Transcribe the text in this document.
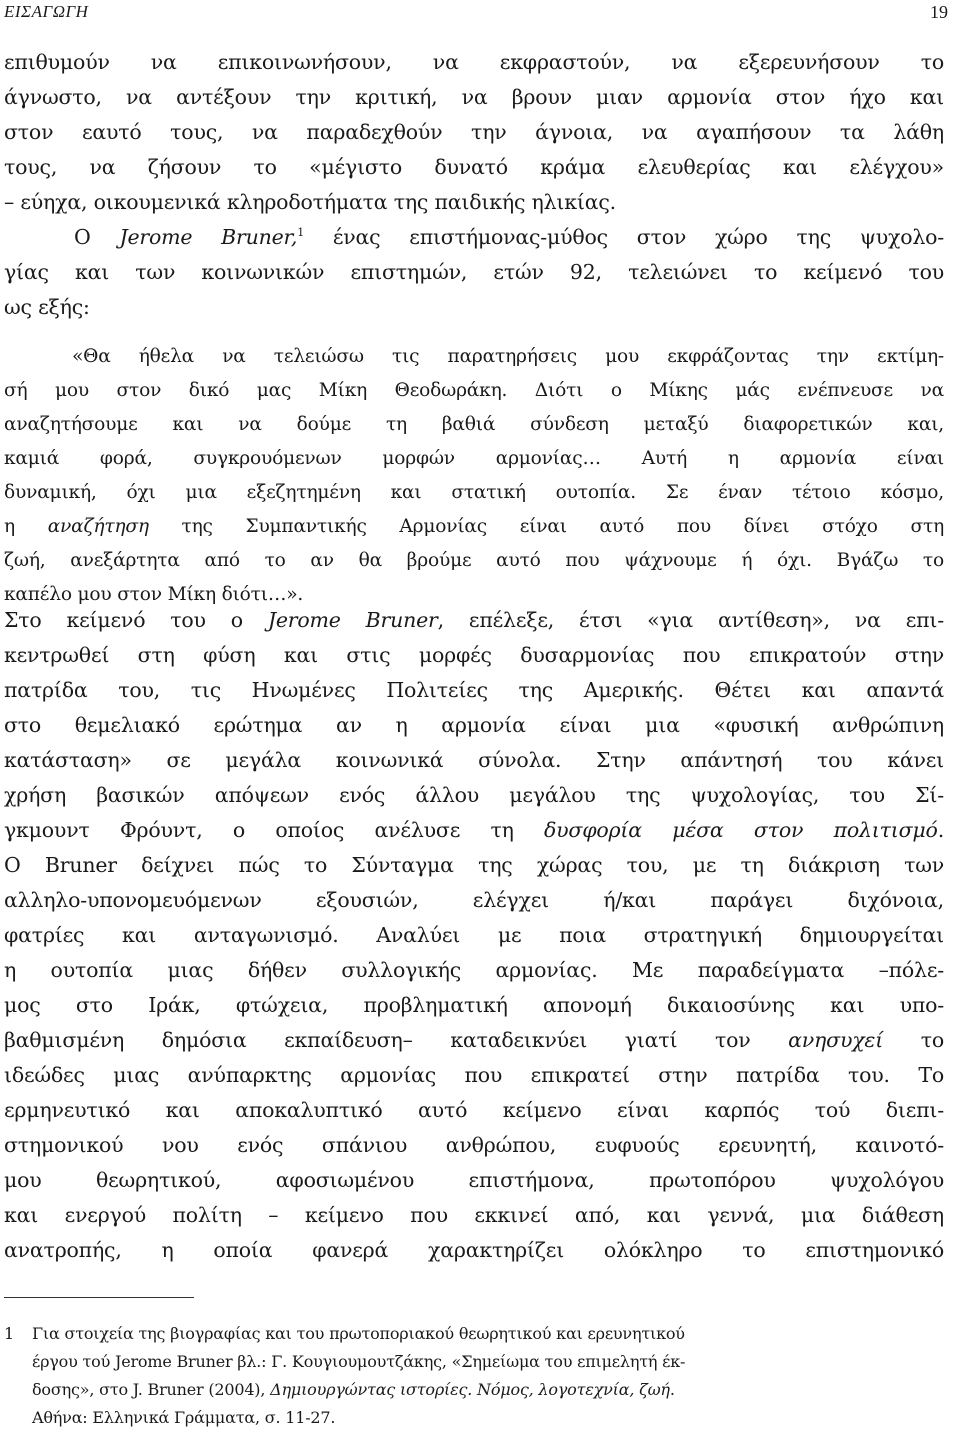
ΕΙΣΑΓΩΓΗ	19
επιθυμούν να επικοινωνήσουν, να εκφραστούν, να εξερευνήσουν το
άγνωστο, να αντέξουν την κριτική, να βρουν μιαν αρμονία στον ήχο και
στον εαυτό τους, να παραδεχθούν την άγνοια, να αγαπήσουν τα λάθη
τους, να ζήσουν το «μέγιστο δυνατό κράμα ελευθερίας και ελέγχου»
– εύηχα, οικουμενικά κληροδοτήματα της παιδικής ηλικίας.
Ο Jerome Bruner,$^1$ ένας επιστήμονας-μύθος στον χώρο της ψυχολο-
γίας και των κοινωνικών επιστημών, ετών 92, τελειώνει το κείμενό του
ως εξής:
«Θα ήθελα να τελειώσω τις παρατηρήσεις μου εκφράζοντας την εκτίμη-
σή μου στον δικό μας Μίκη Θεοδωράκη. Διότι ο Μίκης μάς ενέπνευσε να
αναζητήσουμε και να δούμε τη βαθιά σύνδεση μεταξύ διαφορετικών και,
καμιά φορά, συγκρουόμενων μορφών αρμονίας… Αυτή η αρμονία είναι
δυναμική, όχι μια εξεζητημένη και στατική ουτοπία. Σε έναν τέτοιο κόσμο,
η αναζήτηση της Συμπαντικής Αρμονίας είναι αυτό που δίνει στόχο στη
ζωή, ανεξάρτητα από το αν θα βρούμε αυτό που ψάχνουμε ή όχι. Βγάζω το
καπέλο μου στον Μίκη διότι…».
Στο κείμενό του ο Jerome Bruner, επέλεξε, έτσι «για αντίθεση», να επι-
κεντρωθεί στη φύση και στις μορφές δυσαρμονίας που επικρατούν στην
πατρίδα του, τις Ηνωμένες Πολιτείες της Αμερικής. Θέτει και απαντά
στο θεμελιακό ερώτημα αν η αρμονία είναι μια «φυσική ανθρώπινη
κατάσταση» σε μεγάλα κοινωνικά σύνολα. Στην απάντησή του κάνει
χρήση βασικών απόψεων ενός άλλου μεγάλου της ψυχολογίας, του Σί-
γκμουντ Φρόυντ, ο οποίος ανέλυσε τη δυσφορία μέσα στον πολιτισμό.
Ο Bruner δείχνει πώς το Σύνταγμα της χώρας του, με τη διάκριση των
αλληλο-υπονομευόμενων εξουσιών, ελέγχει ή/και παράγει διχόνοια,
φατρίες και ανταγωνισμό. Αναλύει με ποια στρατηγική δημιουργείται
η ουτοπία μιας δήθεν συλλογικής αρμονίας. Με παραδείγματα –πόλε-
μος στο Ιράκ, φτώχεια, προβληματική απονομή δικαιοσύνης και υπο-
βαθμισμένη δημόσια εκπαίδευση– καταδεικνύει γιατί τον ανησυχεί το
ιδεώδες μιας ανύπαρκτης αρμονίας που επικρατεί στην πατρίδα του. Το
ερμηνευτικό και αποκαλυπτικό αυτό κείμενο είναι καρπός τού διεπι-
στημονικού νου ενός σπάνιου ανθρώπου, ευφυούς ερευνητή, καινοτό-
μου θεωρητικού, αφοσιωμένου επιστήμονα, πρωτοπόρου ψυχολόγου
και ενεργού πολίτη – κείμενο που εκκινεί από, και γεννά, μια διάθεση
ανατροπής, η οποία φανερά χαρακτηρίζει ολόκληρο το επιστημονικό
1 Για στοιχεία της βιογραφίας και του πρωτοποριακού θεωρητικού και ερευνητικού
έργου τού Jerome Bruner βλ.: Γ. Κουγιουμουτζάκης, «Σημείωμα του επιμελητή έκ-
δοσης», στο J. Bruner (2004), Δημιουργώντας ιστορίες. Νόμος, λογοτεχνία, ζωή.
Αθήνα: Ελληνικά Γράμματα, σ. 11-27.
